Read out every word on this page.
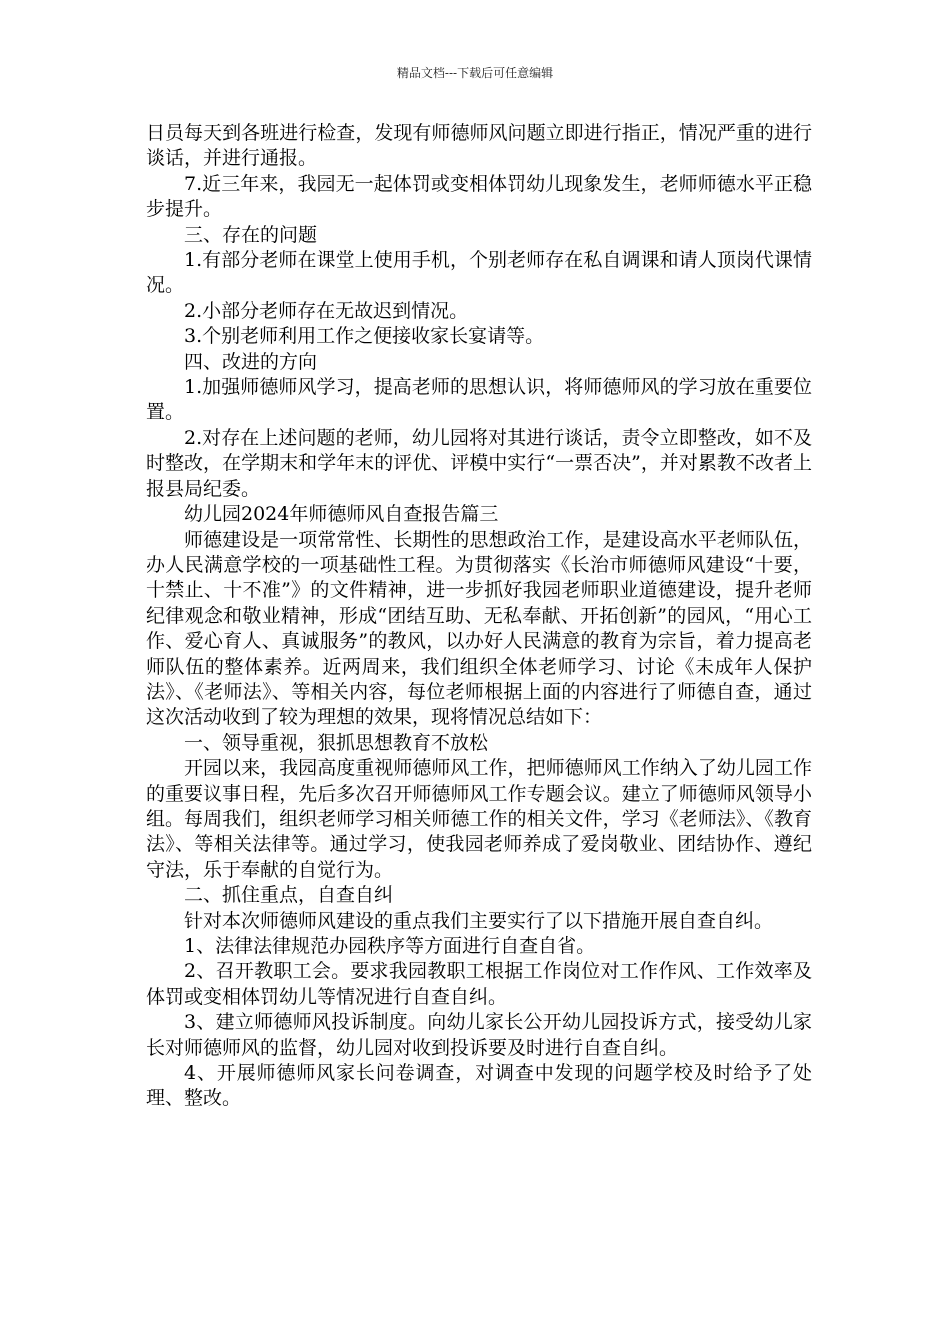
精品文档---下载后可任意编辑

日员每天到各班进行检查，发现有师德师风问题立即进行指正，情况严重的进行谈话，并进行通报。

7.近三年来，我园无一起体罚或变相体罚幼儿现象发生，老师师德水平正稳步提升。

三、存在的问题

1.有部分老师在课堂上使用手机，个别老师存在私自调课和请人顶岗代课情况。

2.小部分老师存在无故迟到情况。

3.个别老师利用工作之便接收家长宴请等。

四、改进的方向

1.加强师德师风学习，提高老师的思想认识，将师德师风的学习放在重要位置。

2.对存在上述问题的老师，幼儿园将对其进行谈话，责令立即整改，如不及时整改，在学期末和学年末的评优、评模中实行“一票否决”，并对累教不改者上报县局纪委。

幼儿园2024年师德师风自查报告篇三

师德建设是一项常常性、长期性的思想政治工作，是建设高水平老师队伍，办人民满意学校的一项基础性工程。为贯彻落实《长治市师德师风建设“十要，十禁止、十不准”》的文件精神，进一步抓好我园老师职业道德建设，提升老师纪律观念和敬业精神，形成“团结互助、无私奉献、开拓创新”的园风，“用心工作、爱心育人、真诚服务”的教风，以办好人民满意的教育为宗旨，着力提高老师队伍的整体素养。近两周来，我们组织全体老师学习、讨论《未成年人保护法》、《老师法》、等相关内容，每位老师根据上面的内容进行了师德自查，通过这次活动收到了较为理想的效果，现将情况总结如下：

一、领导重视，狠抓思想教育不放松

开园以来，我园高度重视师德师风工作，把师德师风工作纳入了幼儿园工作的重要议事日程，先后多次召开师德师风工作专题会议。建立了师德师风领导小组。每周我们，组织老师学习相关师德工作的相关文件，学习《老师法》、《教育法》、等相关法律等。通过学习，使我园老师养成了爱岗敬业、团结协作、遵纪守法，乐于奉献的自觉行为。

二、抓住重点，自查自纠

针对本次师德师风建设的重点我们主要实行了以下措施开展自查自纠。

1、法律法律规范办园秩序等方面进行自查自省。

2、召开教职工会。要求我园教职工根据工作岗位对工作作风、工作效率及体罚或变相体罚幼儿等情况进行自查自纠。

3、建立师德师风投诉制度。向幼儿家长公开幼儿园投诉方式，接受幼儿家长对师德师风的监督，幼儿园对收到投诉要及时进行自查自纠。

4、开展师德师风家长问卷调查，对调查中发现的问题学校及时给予了处理、整改。
